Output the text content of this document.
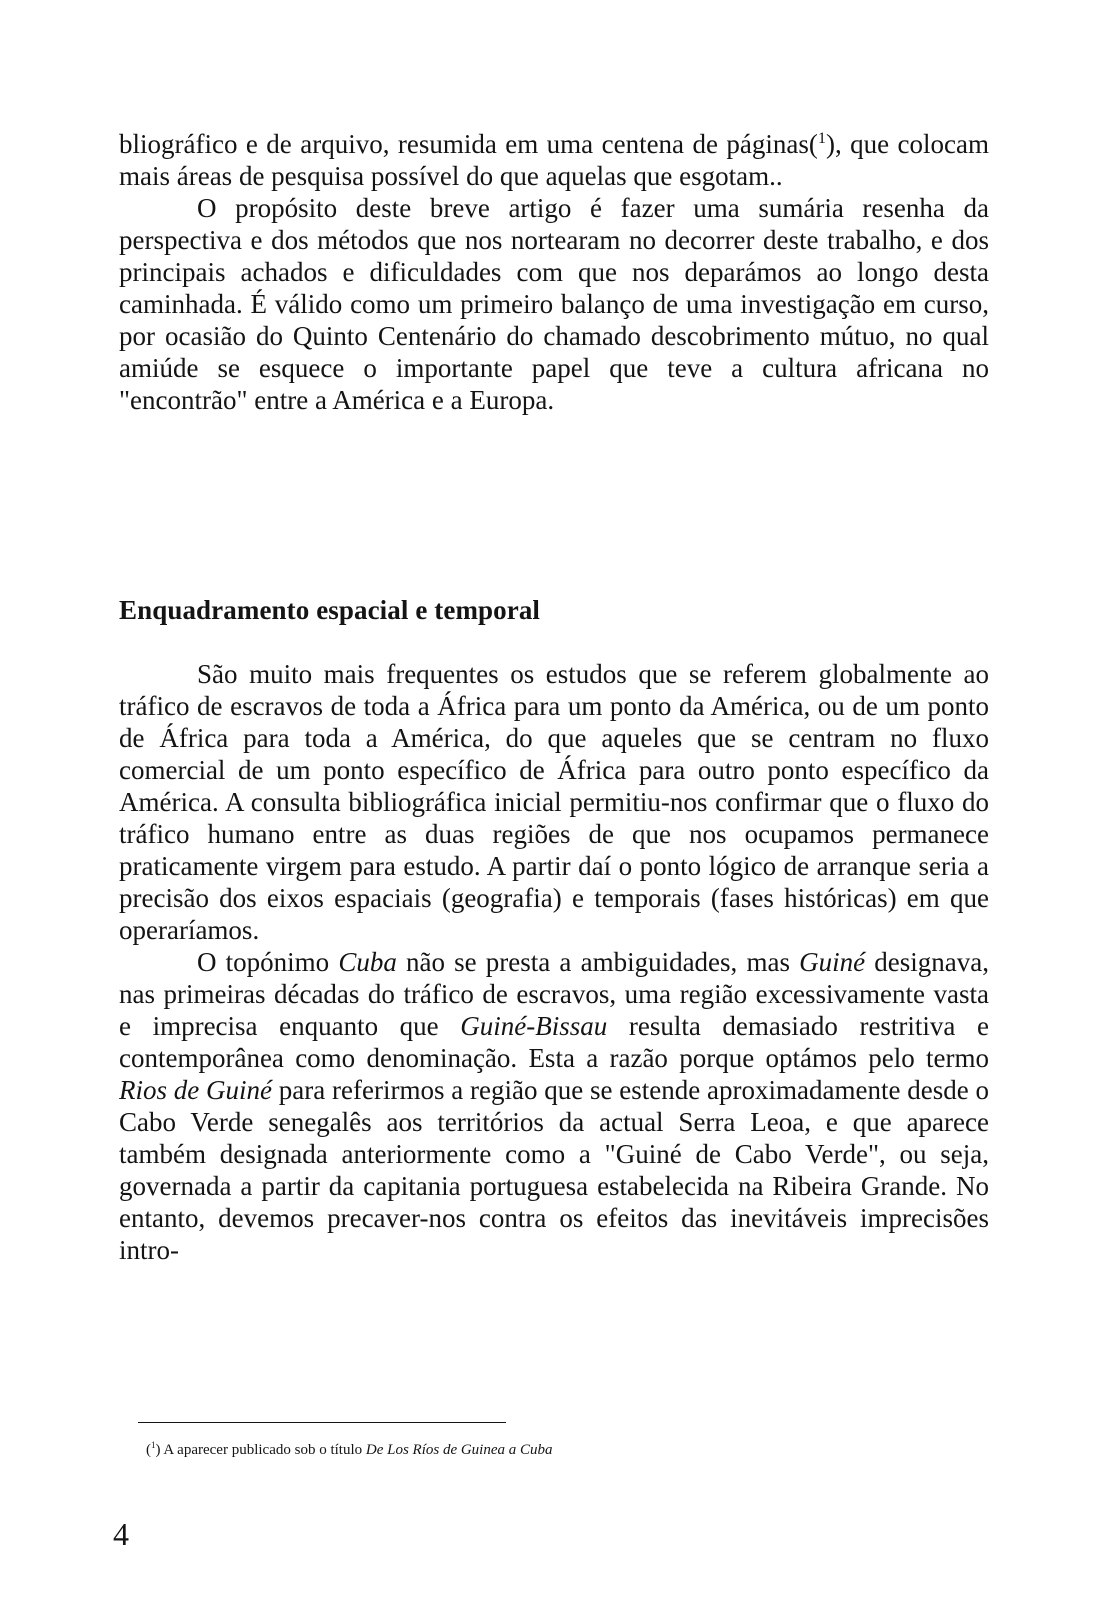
bliográfico e de arquivo, resumida em uma centena de páginas($^1$), que colocam mais áreas de pesquisa possível do que aquelas que esgotam..

O propósito deste breve artigo é fazer uma sumária resenha da perspectiva e dos métodos que nos nortearam no decorrer deste trabalho, e dos principais achados e dificuldades com que nos deparámos ao longo desta caminhada. É válido como um primeiro balanço de uma investigação em curso, por ocasião do Quinto Centenário do chamado descobrimento mútuo, no qual amiúde se esquece o importante papel que teve a cultura africana no "encontrão" entre a América e a Europa.

Enquadramento espacial e temporal

São muito mais frequentes os estudos que se referem globalmente ao tráfico de escravos de toda a África para um ponto da América, ou de um ponto de África para toda a América, do que aqueles que se centram no fluxo comercial de um ponto específico de África para outro ponto específico da América. A consulta bibliográfica inicial permitiu-nos confirmar que o fluxo do tráfico humano entre as duas regiões de que nos ocupamos permanece praticamente virgem para estudo. A partir daí o ponto lógico de arranque seria a precisão dos eixos espaciais (geografia) e temporais (fases históricas) em que operaríamos.

O topónimo Cuba não se presta a ambiguidades, mas Guiné designava, nas primeiras décadas do tráfico de escravos, uma região excessivamente vasta e imprecisa enquanto que Guiné-Bissau resulta demasiado restritiva e contemporânea como denominação. Esta a razão porque optámos pelo termo Rios de Guiné para referirmos a região que se estende aproximadamente desde o Cabo Verde senegalês aos territórios da actual Serra Leoa, e que aparece também designada anteriormente como a "Guiné de Cabo Verde", ou seja, governada a partir da capitania portuguesa estabelecida na Ribeira Grande. No entanto, devemos precaver-nos contra os efeitos das inevitáveis imprecisões intro-

($^1$) A aparecer publicado sob o título De Los Ríos de Guinea a Cuba

4
